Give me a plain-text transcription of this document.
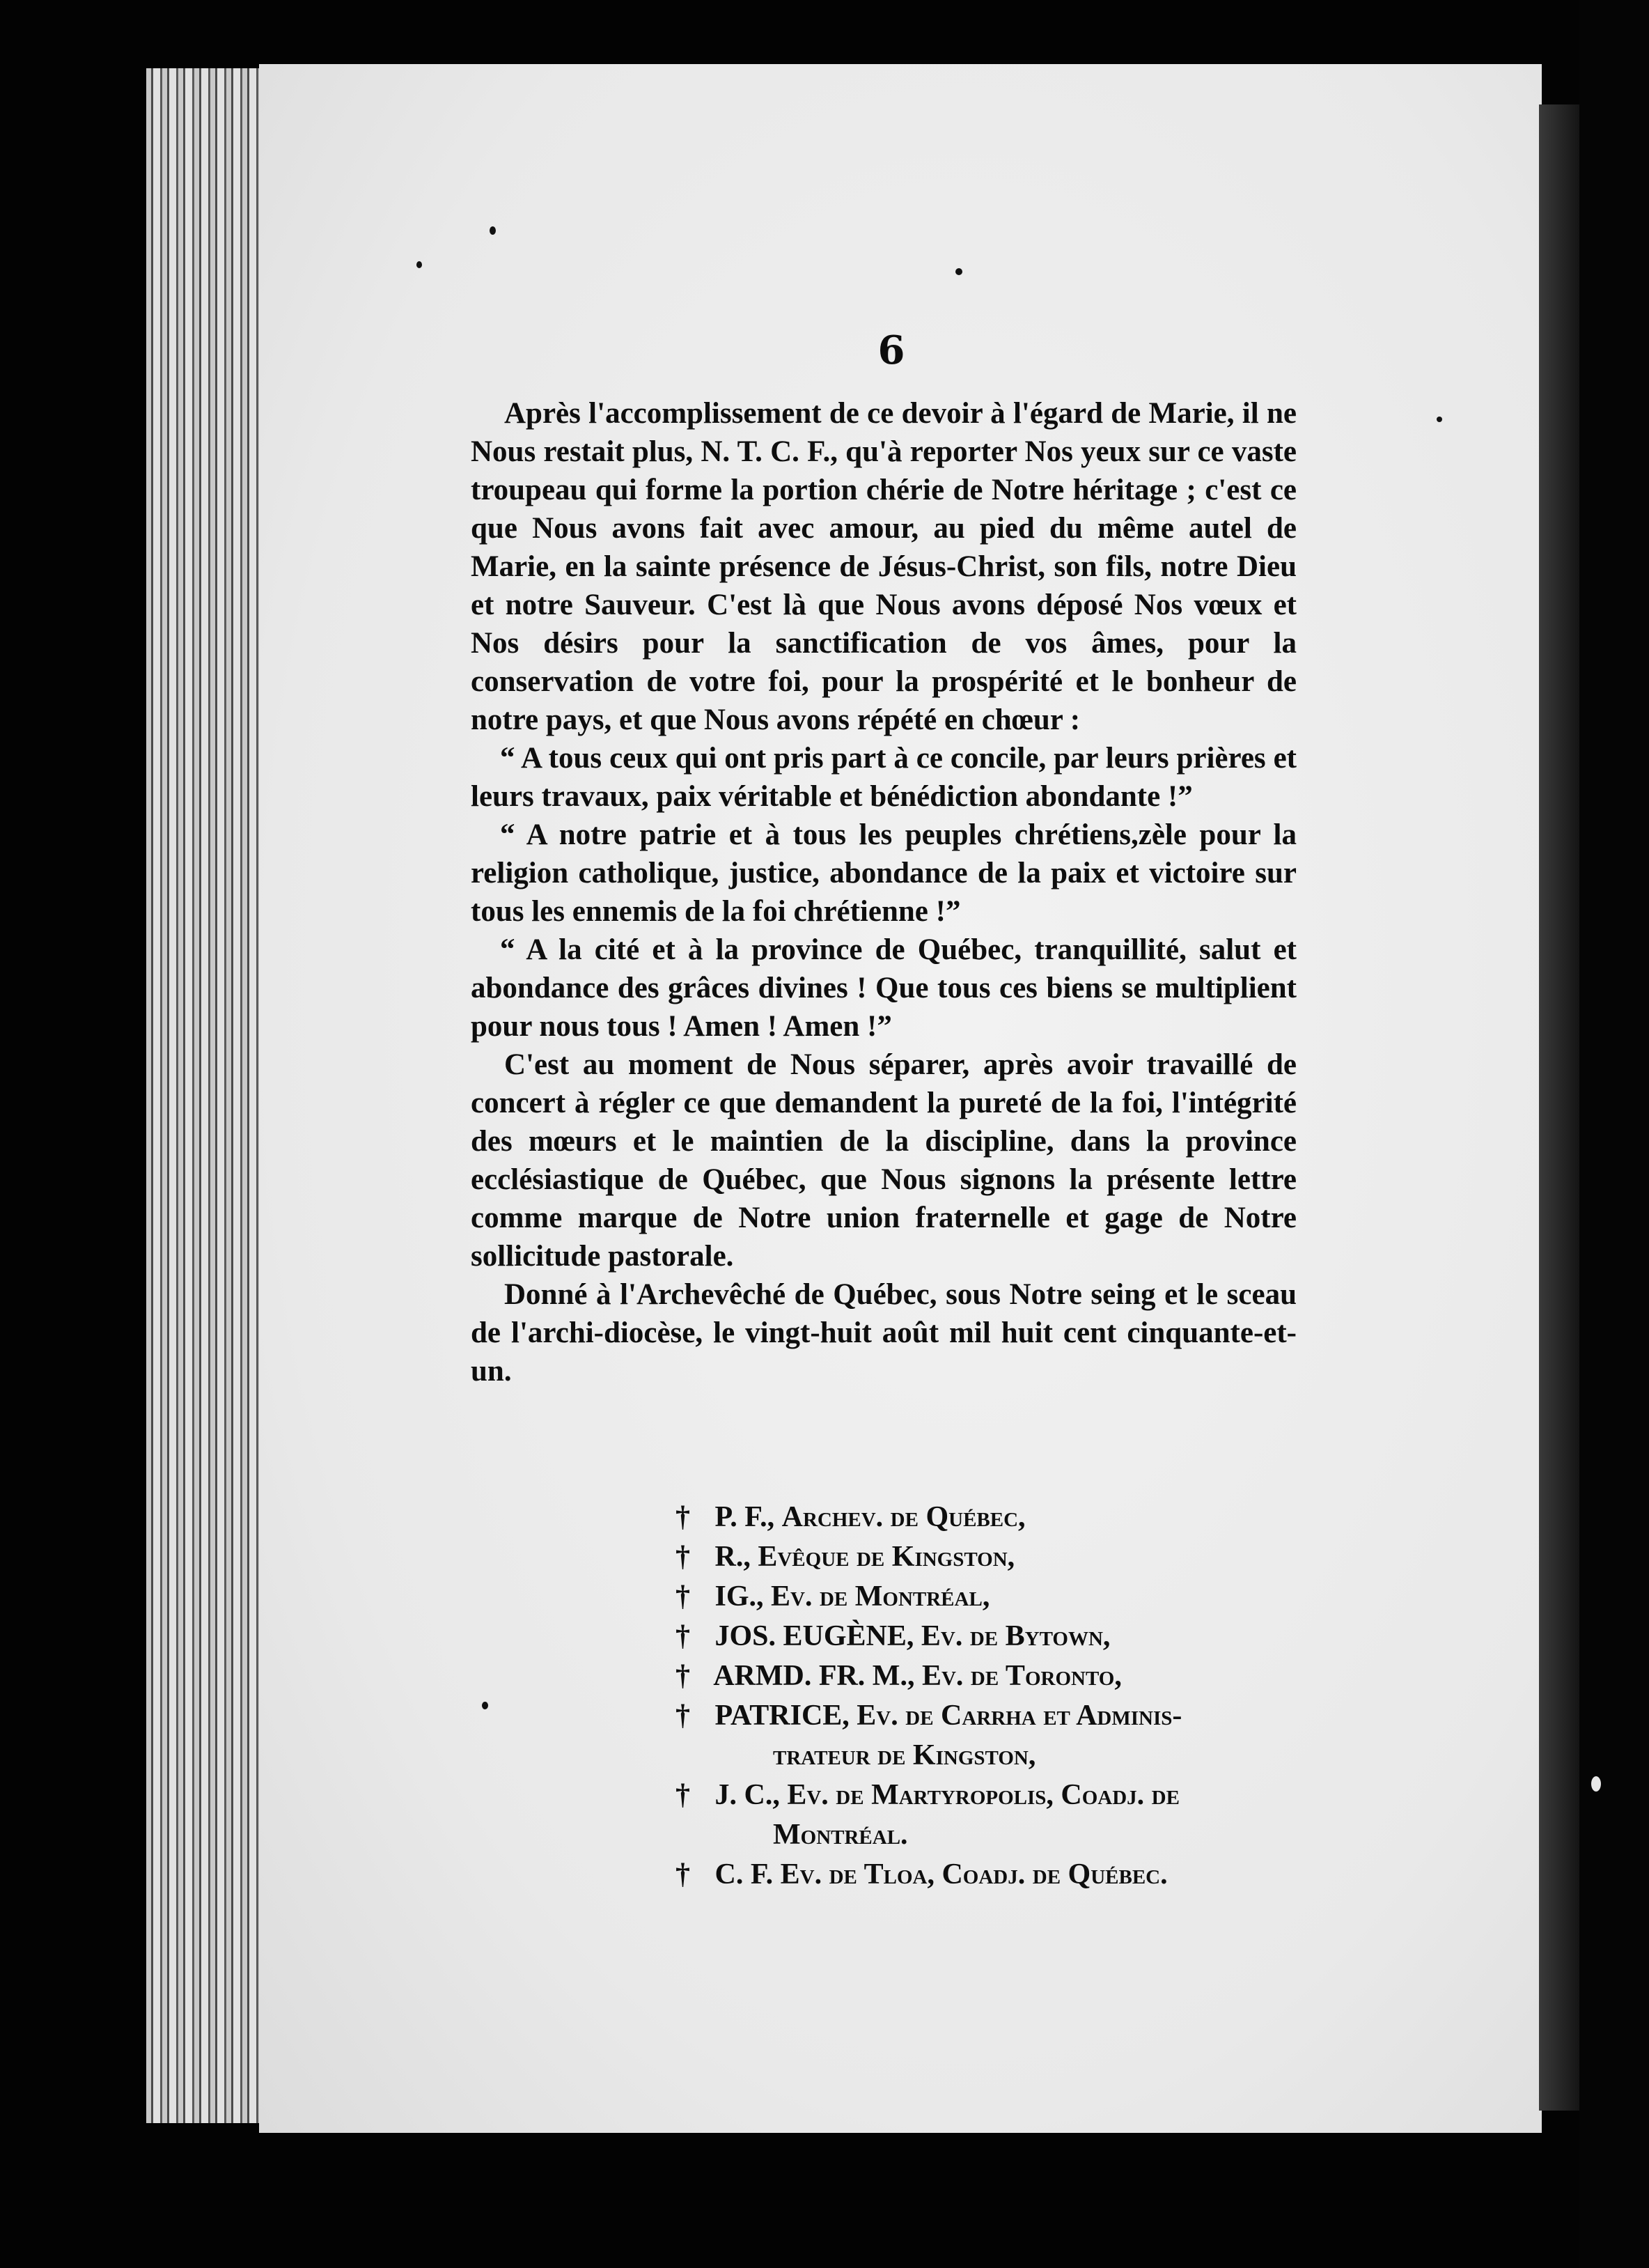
6

Après l'accomplissement de ce devoir à l'égard de Marie, il ne Nous restait plus, N. T. C. F., qu'à reporter Nos yeux sur ce vaste troupeau qui forme la portion chérie de Notre héritage ; c'est ce que Nous avons fait avec amour, au pied du même autel de Marie, en la sainte présence de Jésus-Christ, son fils, notre Dieu et notre Sauveur. C'est là que Nous avons déposé Nos vœux et Nos désirs pour la sanctification de vos âmes, pour la conservation de votre foi, pour la prospérité et le bonheur de notre pays, et que Nous avons répété en chœur :

“ A tous ceux qui ont pris part à ce concile, par leurs prières et leurs travaux, paix véritable et bénédiction abondante !”

“ A notre patrie et à tous les peuples chrétiens,zèle pour la religion catholique, justice, abondance de la paix et victoire sur tous les ennemis de la foi chrétienne !”

“ A la cité et à la province de Québec, tranquillité, salut et abondance des grâces divines ! Que tous ces biens se multiplient pour nous tous ! Amen ! Amen !”

C'est au moment de Nous séparer, après avoir travaillé de concert à régler ce que demandent la pureté de la foi, l'intégrité des mœurs et le maintien de la discipline, dans la province ecclésiastique de Québec, que Nous signons la présente lettre comme marque de Notre union fraternelle et gage de Notre sollicitude pastorale.

Donné à l'Archevêché de Québec, sous Notre seing et le sceau de l'archi-diocèse, le vingt-huit août mil huit cent cinquante-et-un.

† P. F., Archev. de Québec,
† R., Evêque de Kingston,
† IG., Ev. de Montréal,
† JOS. EUGÈNE, Ev. de Bytown,
† ARMD. FR. M., Ev. de Toronto,
† PATRICE, Ev. de Carrha et Adminis-
trateur de Kingston,
† J. C., Ev. de Martyropolis, Coadj. de
Montréal.
† C. F. Ev. de Tloa, Coadj. de Québec.
